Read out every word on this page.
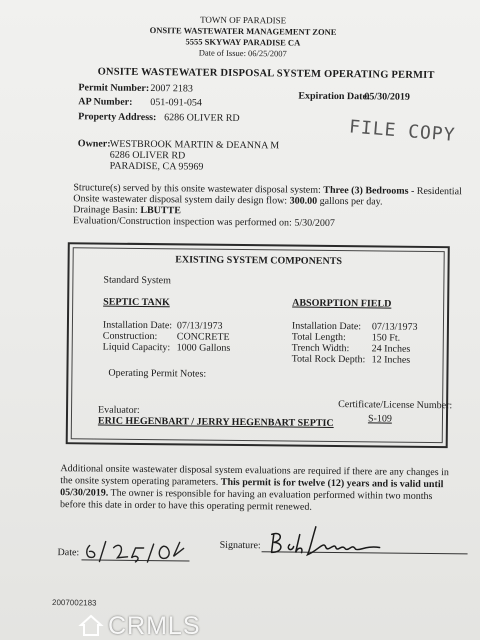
TOWN OF PARADISE
ONSITE WASTEWATER MANAGEMENT ZONE
5555 SKYWAY PARADISE CA
Date of Issue: 06/25/2007
ONSITE WASTEWATER DISPOSAL SYSTEM OPERATING PERMIT
Permit Number: 2007 2183
Expiration Date:
05/30/2019
AP Number: 051-091-054
Property Address: 6286 OLIVER RD	FILE COPY
Owner: WESTBROOK MARTIN & DEANNA M
6286 OLIVER RD
PARADISE, CA 95969
Structure(s) served by this onsite wastewater disposal system: Three (3) Bedrooms - Residential
Onsite wastewater disposal system daily design flow: 300.00 gallons per day.
Drainage Basin: LBUTTE
Evaluation/Construction inspection was performed on: 5/30/2007
EXISTING SYSTEM COMPONENTS
Standard System
SEPTIC TANK
Installation Date: 07/13/1973
Construction: CONCRETE
Liquid Capacity: 1000 Gallons
ABSORPTION FIELD
Installation Date: 07/13/1973
Total Length:	150 Ft.
Trench Width: 24 Inches
Total Rock Depth: 12 Inches
Operating Permit Notes:
Evaluator:
ERIC HEGENBART / JERRY HEGENBART SEPTIC
Certificate/License Number:
S-109
Additional onsite wastewater disposal system evaluations are required if there are any changes in
the onsite system operating parameters. This permit is for twelve (12) years and is valid until
05/30/2019. The owner is responsible for having an evaluation performed within two months
before this date in order to have this operating permit renewed.
Date:
Signature:
2007002183
CRMLS
